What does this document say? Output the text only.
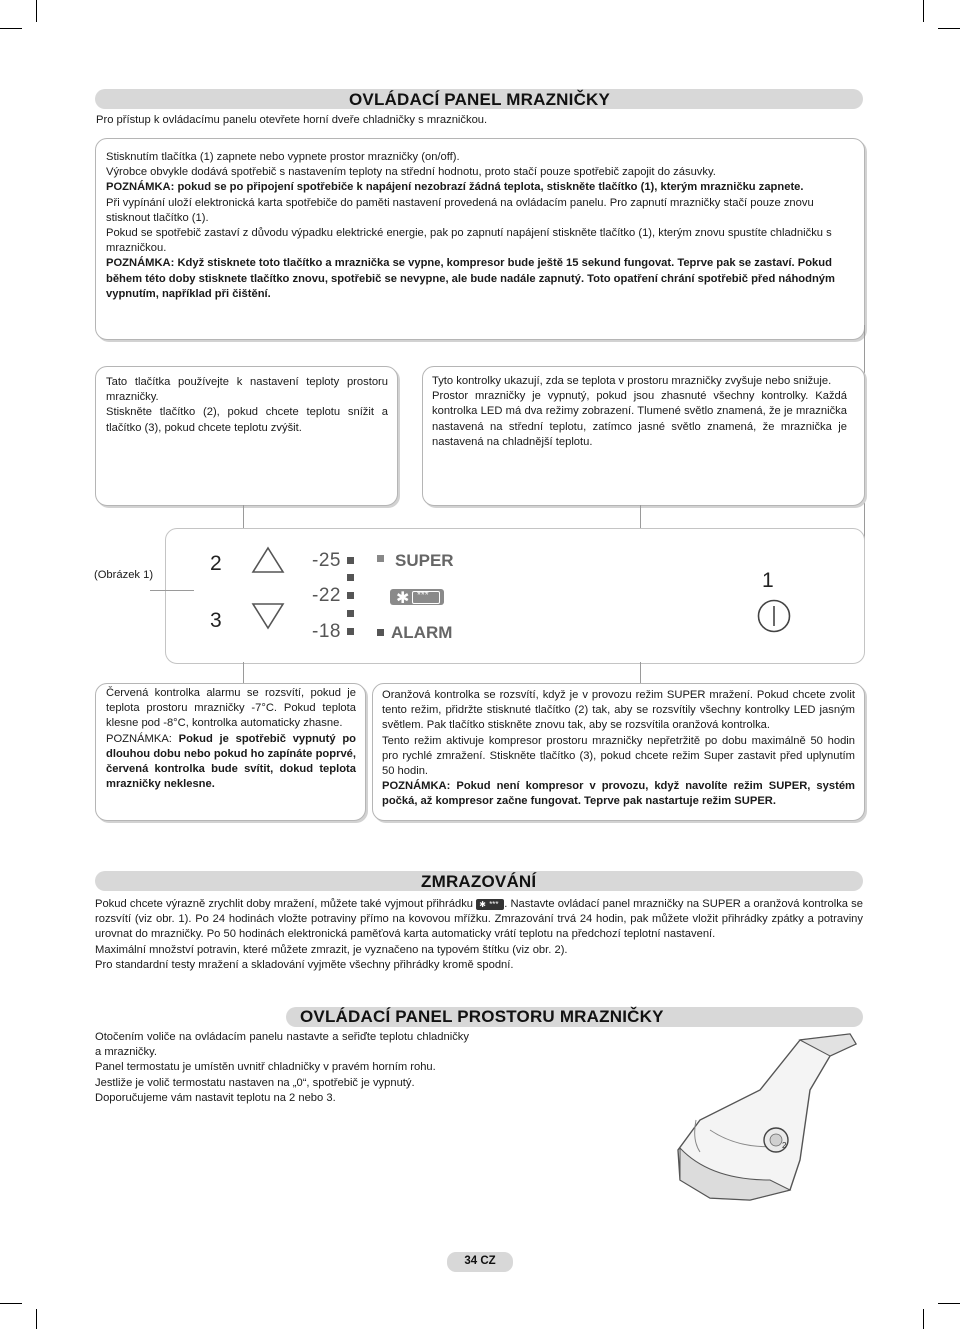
OVLÁDACÍ PANEL MRAZNIČKY
Pro přístup k ovládacímu panelu otevřete horní dveře chladničky s mrazničkou.

Stisknutím tlačítka (1) zapnete nebo vypnete prostor mrazničky (on/off).

Výrobce obvykle dodává spotřebič s nastavením teploty na střední hodnotu, proto stačí pouze spotřebič zapojit do zásuvky.

POZNÁMKA: pokud se po připojení spotřebiče k napájení nezobrazí žádná teplota, stiskněte tlačítko (1), kterým mrazničku zapnete.

Při vypínání uloží elektronická karta spotřebiče do paměti nastavení provedená na ovládacím panelu. Pro zapnutí mrazničky stačí pouze znovu stisknout tlačítko (1).

Pokud se spotřebič zastaví z důvodu výpadku elektrické energie, pak po zapnutí napájení stiskněte tlačítko (1), kterým znovu spustíte chladničku s mrazničkou.

POZNÁMKA: Když stisknete toto tlačítko a mraznička se vypne, kompresor bude ještě 15 sekund fungovat. Teprve pak se zastaví. Pokud během této doby stisknete tlačítko znovu, spotřebič se nevypne, ale bude nadále zapnutý. Toto opatření chrání spotřebič před náhodným vypnutím, například při čištění.

Tato tlačítka používejte k nastavení teploty prostoru mrazničky.

Stiskněte tlačítko (2), pokud chcete teplotu snížit a tlačítko (3), pokud chcete teplotu zvýšit.

Tyto kontrolky ukazují, zda se teplota v prostoru mrazničky zvyšuje nebo snižuje.

Prostor mrazničky je vypnutý, pokud jsou zhasnuté všechny kontrolky. Každá kontrolka LED má dva režimy zobrazení. Tlumené světlo znamená, že je mraznička nastavená na střední teplotu, zatímco jasné světlo znamená, že mraznička je nastavená na chladnější teplotu.

(Obrázek 1)	2
3
-25
-22
-18
SUPER
✱ ***
ALARM
1

Červená kontrolka alarmu se rozsvítí, pokud je teplota prostoru mrazničky -7°C. Pokud teplota klesne pod -8°C, kontrolka automaticky zhasne.

POZNÁMKA: Pokud je spotřebič vypnutý po dlouhou dobu nebo pokud ho zapínáte poprvé, červená kontrolka bude svítit, dokud teplota mrazničky neklesne.

Oranžová kontrolka se rozsvítí, když je v provozu režim SUPER mražení. Pokud chcete zvolit tento režim, přidržte stisknuté tlačítko (2) tak, aby se rozsvítily všechny kontrolky LED jasným světlem. Pak tlačítko stiskněte znovu tak, aby se rozsvítila oranžová kontrolka.

Tento režim aktivuje kompresor prostoru mrazničky nepřetržitě po dobu maximálně 50 hodin pro rychlé zmražení. Stiskněte tlačítko (3), pokud chcete režim Super zastavit před uplynutím 50 hodin.

POZNÁMKA: Pokud není kompresor v provozu, když navolíte režim SUPER, systém počká, až kompresor začne fungovat. Teprve pak nastartuje režim SUPER.

ZMRAZOVÁNÍ

Pokud chcete výrazně zrychlit doby mražení, můžete také vyjmout přihrádku ✱ *** . Nastavte ovládací panel mrazničky na SUPER a oranžová kontrolka se rozsvítí (viz obr. 1). Po 24 hodinách vložte potraviny přímo na kovovou mřížku. Zmrazování trvá 24 hodin, pak můžete vložit přihrádky zpátky a potraviny urovnat do mrazničky. Po 50 hodinách elektronická paměťová karta automaticky vrátí teplotu na předchozí teplotní nastavení.

Maximální množství potravin, které můžete zmrazit, je vyznačeno na typovém štítku (viz obr. 2).

Pro standardní testy mražení a skladování vyjměte všechny přihrádky kromě spodní.

OVLÁDACÍ PANEL PROSTORU MRAZNIČKY

Otočením voliče na ovládacím panelu nastavte a seřiďte teplotu chladničky a mrazničky.

Panel termostatu je umístěn uvnitř chladničky v pravém horním rohu.

Jestliže je volič termostatu nastaven na „0“, spotřebič je vypnutý.

Doporučujeme vám nastavit teplotu na 2 nebo 3.

2
34 CZ
